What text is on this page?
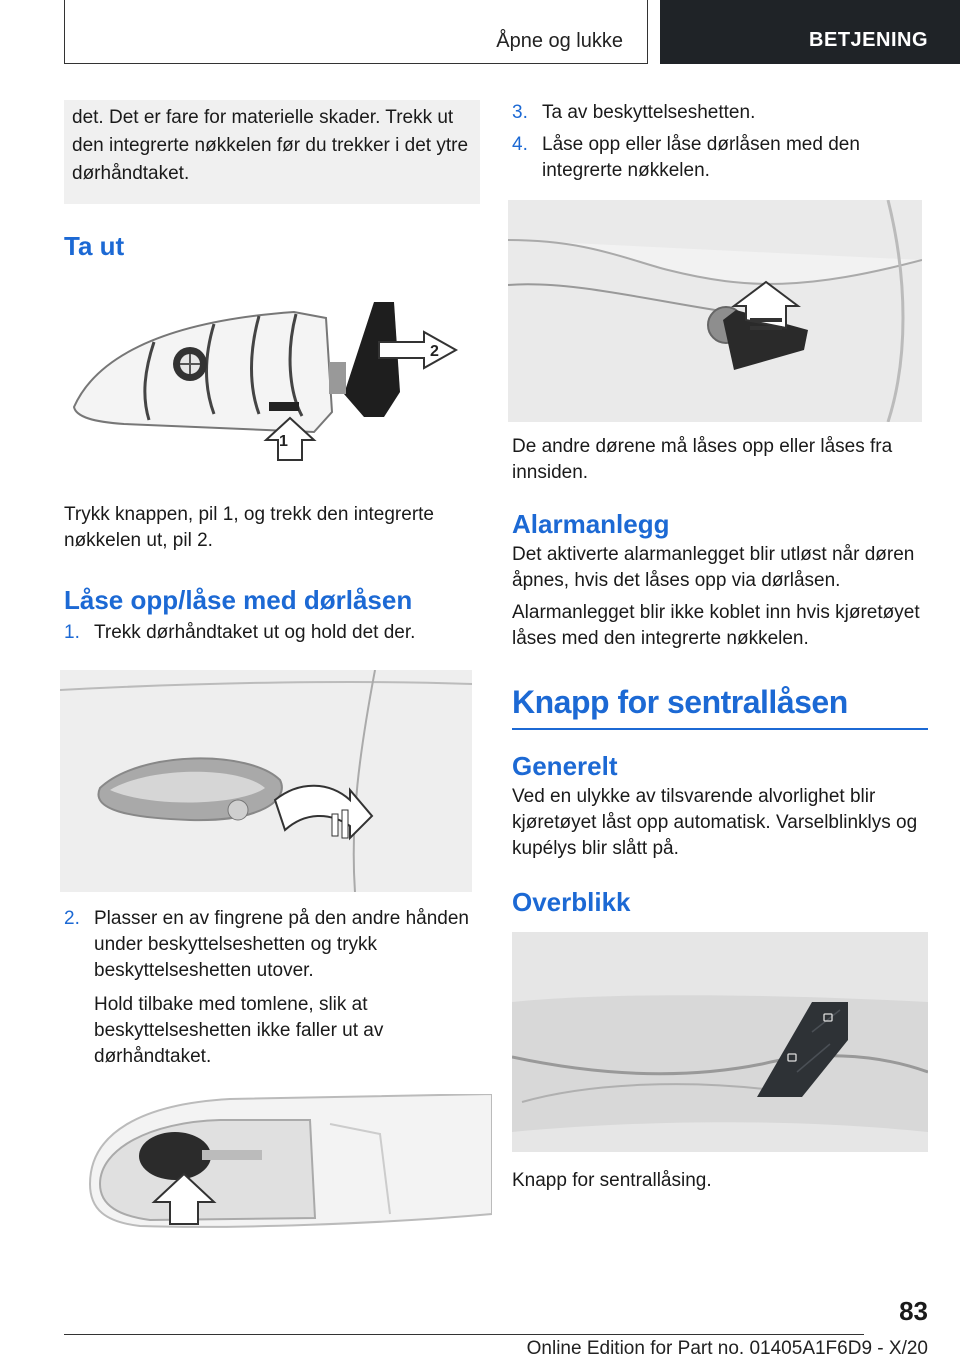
Åpne og lukke	BETJENING

det. Det er fare for materielle skader. Trekk ut den integrerte nøkkelen før du trekker i det ytre dørhåndtaket.

Ta ut
2
1

Trykk knappen, pil 1, og trekk den integrerte nøkkelen ut, pil 2.

Låse opp/låse med dørlåsen
1. Trekk dørhåndtaket ut og hold det der.
2. Plasser en av fingrene på den andre hånden under beskyttelseshetten og trykk beskyttelseshetten utover.
Hold tilbake med tomlene, slik at beskyttelseshetten ikke faller ut av dørhåndtaket.
3. Ta av beskyttelseshetten.
4. Låse opp eller låse dørlåsen med den integrerte nøkkelen.

De andre dørene må låses opp eller låses fra innsiden.

Alarmanlegg

Det aktiverte alarmanlegget blir utløst når døren åpnes, hvis det låses opp via dørlåsen.

Alarmanlegget blir ikke koblet inn hvis kjøretøyet låses med den integrerte nøkkelen.

Knapp for sentrallåsen
Generelt

Ved en ulykke av tilsvarende alvorlighet blir kjøretøyet låst opp automatisk. Varselblinklys og kupélys blir slått på.

Overblikk

Knapp for sentrallåsing.

83
Online Edition for Part no. 01405A1F6D9 - X/20
